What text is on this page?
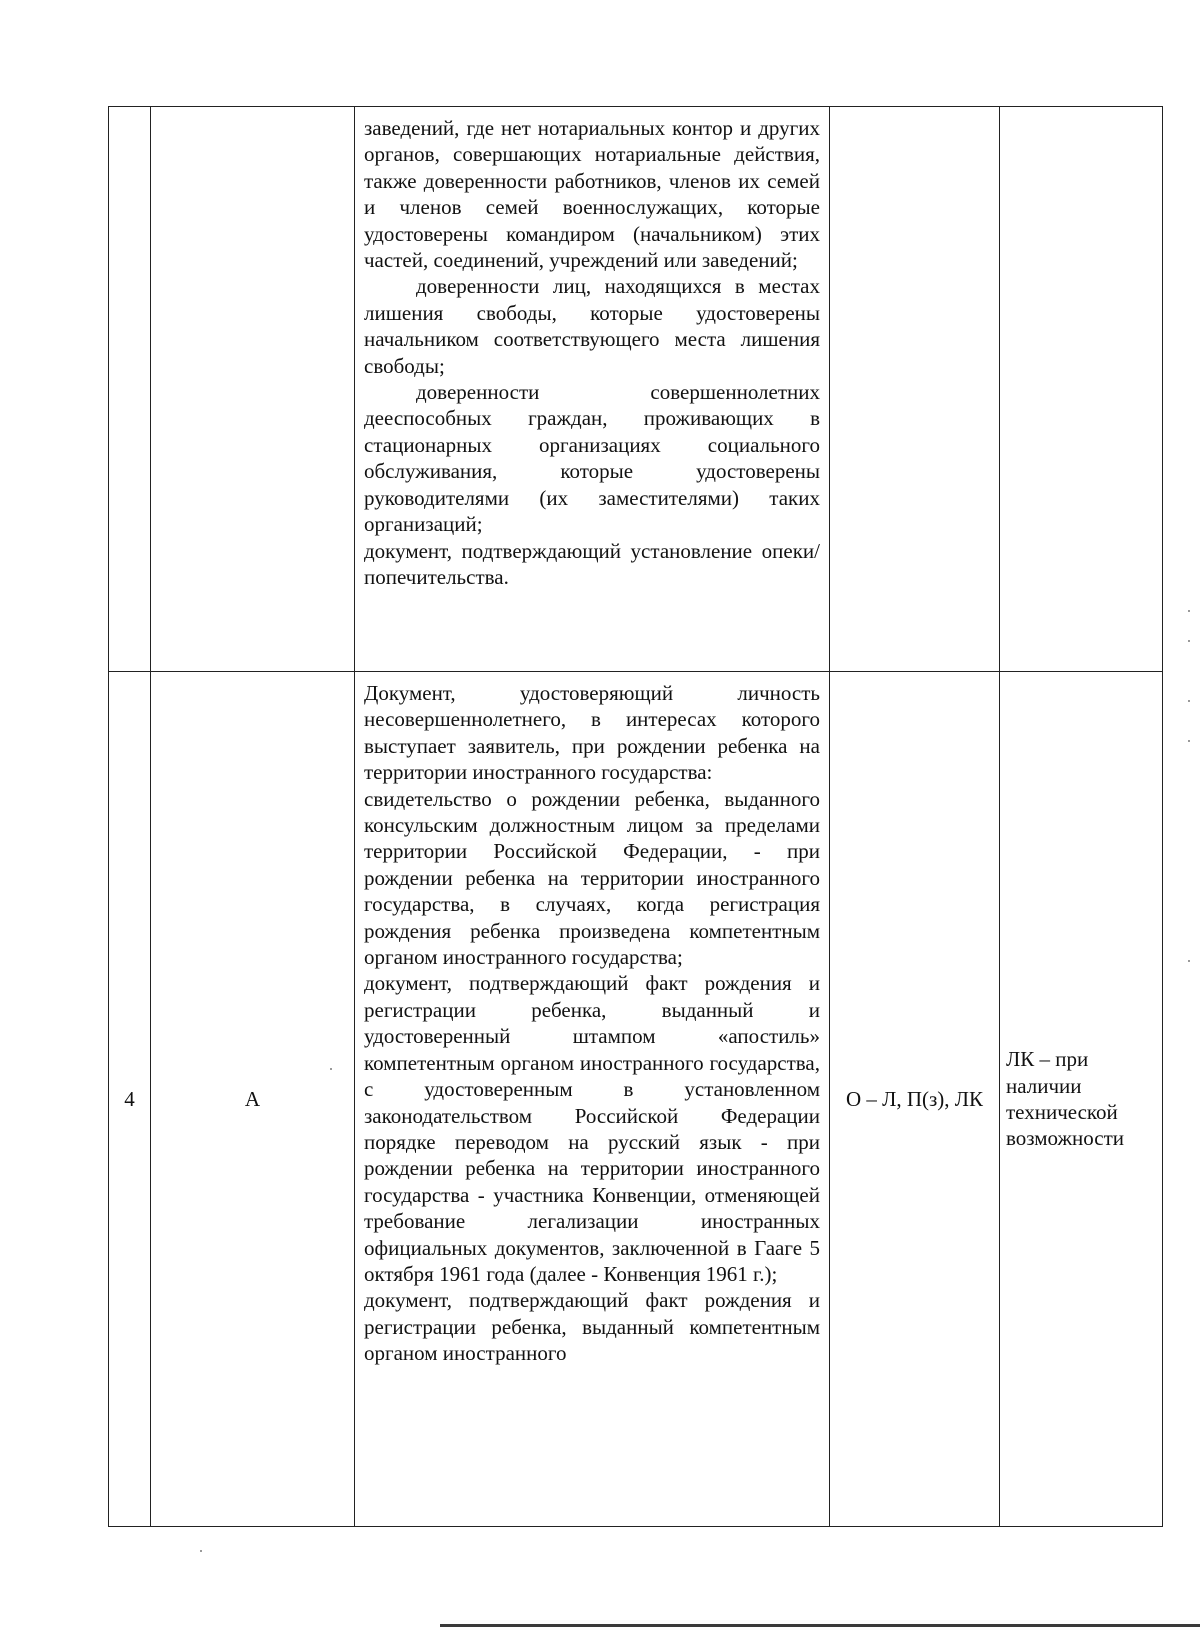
		заведений, где нет нотариальных контор и других органов, совершающих нотариальные действия, также доверенности работников, членов их семей и членов семей военнослужащих, которые удостоверены командиром (начальником) этих частей, соединений, учреждений или заведений;

доверенности лиц, находящихся в местах лишения свободы, которые удостоверены начальником соответствующего места лишения свободы;

доверенности совершеннолетних дееспособных граждан, проживающих в стационарных организациях социального обслуживания, которые удостоверены руководителями (их заместителями) таких организаций;

документ, подтверждающий установление опеки/попечительства.		

4	А	Документ, удостоверяющий личность несовершеннолетнего, в интересах которого выступает заявитель, при рождении ребенка на территории иностранного государства:

свидетельство о рождении ребенка, выданного консульским должностным лицом за пределами территории Российской Федерации, - при рождении ребенка на территории иностранного государства, в случаях, когда регистрация рождения ребенка произведена компетентным органом иностранного государства;

документ, подтверждающий факт рождения и регистрации ребенка, выданный и удостоверенный штампом «апостиль» компетентным органом иностранного государства, с удостоверенным в установленном законодательством Российской Федерации порядке переводом на русский язык - при рождении ребенка на территории иностранного государства - участника Конвенции, отменяющей требование легализации иностранных официальных документов, заключенной в Гааге 5 октября 1961 года (далее - Конвенция 1961 г.);

документ, подтверждающий факт рождения и регистрации ребенка, выданный компетентным органом иностранного	О – Л, П(з), ЛК	ЛК – при наличии технической возможности
